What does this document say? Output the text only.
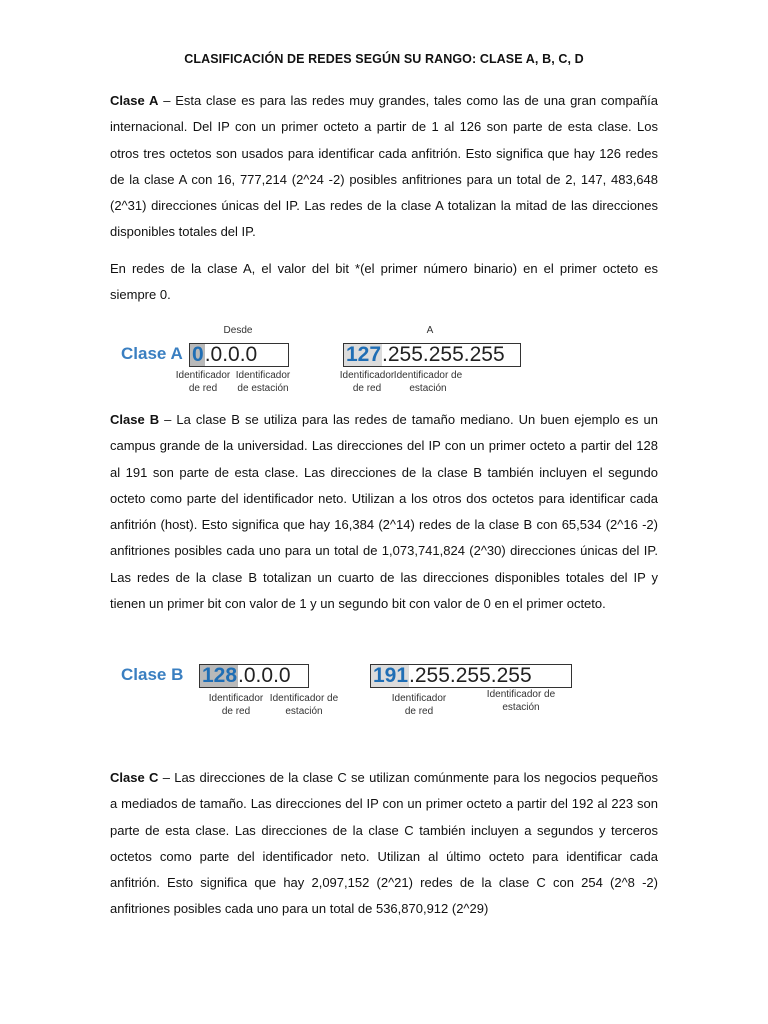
CLASIFICACIÓN DE REDES SEGÚN SU RANGO: CLASE A, B, C, D
Clase A – Esta clase es para las redes muy grandes, tales como las de una gran compañía internacional. Del IP con un primer octeto a partir de 1 al 126 son parte de esta clase. Los otros tres octetos son usados para identificar cada anfitrión. Esto significa que hay 126 redes de la clase A con 16, 777,214 (2^24 -2) posibles anfitriones para un total de 2, 147, 483,648 (2^31) direcciones únicas del IP. Las redes de la clase A totalizan la mitad de las direcciones disponibles totales del IP.
En redes de la clase A, el valor del bit *(el primer número binario) en el primer octeto es siempre 0.
Desde	A
Clase A 0.0.0.0	127.255.255.255
Identificador de red
Identificador de estación
Identificador de red
Identificador de estación
Clase B – La clase B se utiliza para las redes de tamaño mediano. Un buen ejemplo es un campus grande de la universidad. Las direcciones del IP con un primer octeto a partir del 128 al 191 son parte de esta clase. Las direcciones de la clase B también incluyen el segundo octeto como parte del identificador neto. Utilizan a los otros dos octetos para identificar cada anfitrión (host). Esto significa que hay 16,384 (2^14) redes de la clase B con 65,534 (2^16 -2) anfitriones posibles cada uno para un total de 1,073,741,824 (2^30) direcciones únicas del IP. Las redes de la clase B totalizan un cuarto de las direcciones disponibles totales del IP y tienen un primer bit con valor de 1 y un segundo bit con valor de 0 en el primer octeto.
Clase B 128.0.0.0	191.255.255.255
Identificador de red
Identificador de estación
Identificador de red
Identificador de estación
Clase C – Las direcciones de la clase C se utilizan comúnmente para los negocios pequeños a mediados de tamaño. Las direcciones del IP con un primer octeto a partir del 192 al 223 son parte de esta clase. Las direcciones de la clase C también incluyen a segundos y terceros octetos como parte del identificador neto. Utilizan al último octeto para identificar cada anfitrión. Esto significa que hay 2,097,152 (2^21) redes de la clase C con 254 (2^8 -2) anfitriones posibles cada uno para un total de 536,870,912 (2^29)
